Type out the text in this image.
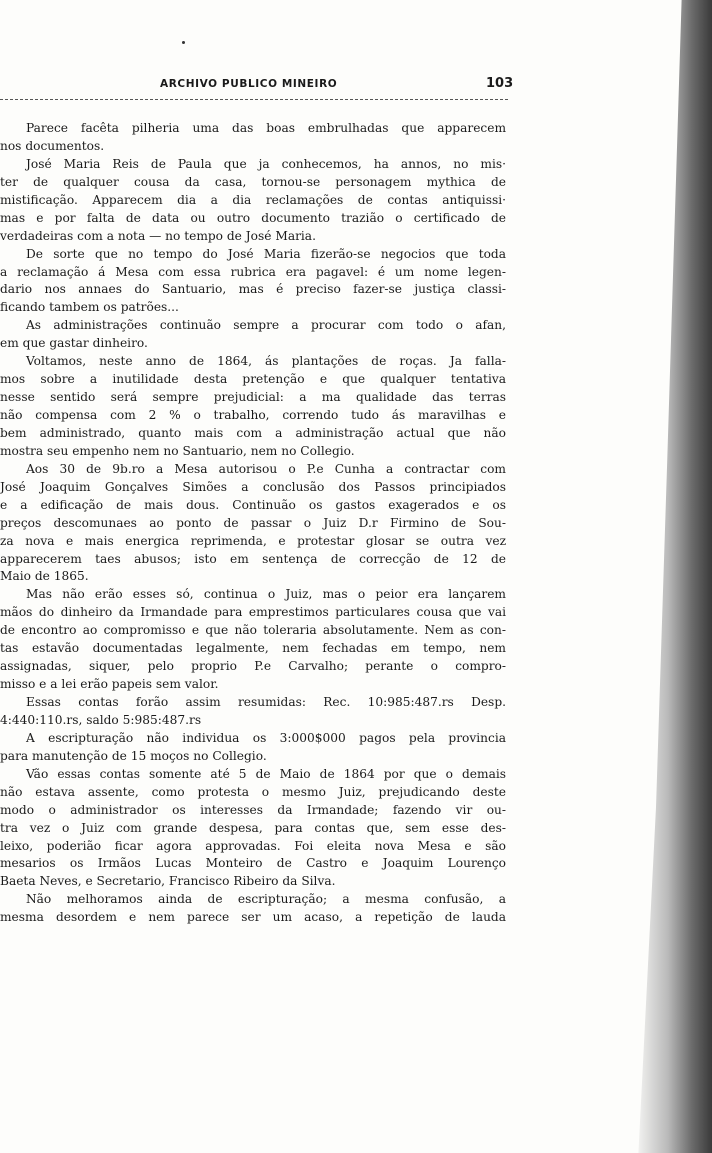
ARCHIVO PUBLICO MINEIRO	103
Parece facêta pilheria uma das boas embrulhadas que apparecem
nos documentos.
José Maria Reis de Paula que ja conhecemos, ha annos, no mis·
ter de qualquer cousa da casa, tornou-se personagem mythica de
mistificação. Apparecem dia a dia reclamações de contas antiquissi·
mas e por falta de data ou outro documento trazião o certificado de
verdadeiras com a nota — no tempo de José Maria.
De sorte que no tempo do José Maria fizerão-se negocios que toda
a reclamação á Mesa com essa rubrica era pagavel: é um nome legen-
dario nos annaes do Santuario, mas é preciso fazer-se justiça classi-
ficando tambem os patrões...
As administrações continuão sempre a procurar com todo o afan,
em que gastar dinheiro.
Voltamos, neste anno de 1864, ás plantações de roças. Ja falla-
mos sobre a inutilidade desta pretenção e que qualquer tentativa
nesse sentido será sempre prejudicial: a ma qualidade das terras
não compensa com 2 % o trabalho, correndo tudo ás maravilhas e
bem administrado, quanto mais com a administração actual que não
mostra seu empenho nem no Santuario, nem no Collegio.
Aos 30 de 9b.ro a Mesa autorisou o P.e Cunha a contractar com
José Joaquim Gonçalves Simões a conclusão dos Passos principiados
e a edificação de mais dous. Continuão os gastos exagerados e os
preços descomunaes ao ponto de passar o Juiz D.r Firmino de Sou-
za nova e mais energica reprimenda, e protestar glosar se outra vez
apparecerem taes abusos; isto em sentença de correcção de 12 de
Maio de 1865.
Mas não erão esses só, continua o Juiz, mas o peior era lançarem
mãos do dinheiro da Irmandade para emprestimos particulares cousa que vai
de encontro ao compromisso e que não toleraria absolutamente. Nem as con-
tas estavão documentadas legalmente, nem fechadas em tempo, nem
assignadas, siquer, pelo proprio P.e Carvalho; perante o compro-
misso e a lei erão papeis sem valor.
Essas contas forão assim resumidas: Rec. 10:985:487.rs Desp.
4:440:110.rs, saldo 5:985:487.rs
A escripturação não individua os 3:000$000 pagos pela provincia
para manutenção de 15 moços no Collegio.
Vão essas contas somente até 5 de Maio de 1864 por que o demais
não estava assente, como protesta o mesmo Juiz, prejudicando deste
modo o administrador os interesses da Irmandade; fazendo vir ou-
tra vez o Juiz com grande despesa, para contas que, sem esse des-
leixo, poderião ficar agora approvadas. Foi eleita nova Mesa e são
mesarios os Irmãos Lucas Monteiro de Castro e Joaquim Lourenço
Baeta Neves, e Secretario, Francisco Ribeiro da Silva.
Não melhoramos ainda de escripturação; a mesma confusão, a
mesma desordem e nem parece ser um acaso, a repetição de lauda
